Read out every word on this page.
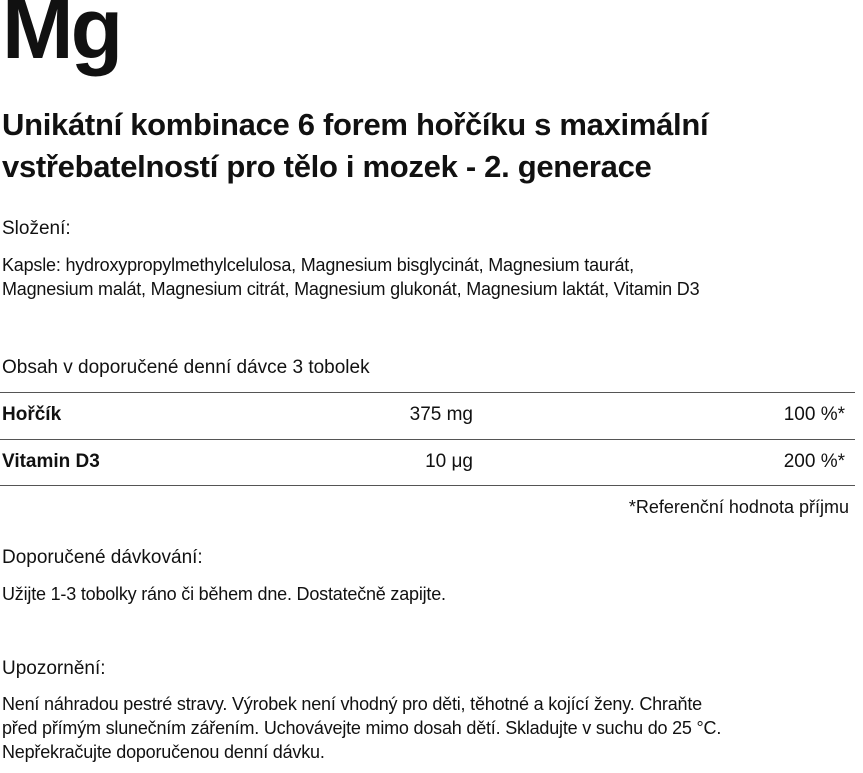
Mg
Unikátní kombinace 6 forem hořčíku s maximální
vstřebatelností pro tělo i mozek - 2. generace
Složení:
Kapsle: hydroxypropylmethylcelulosa, Magnesium bisglycinát, Magnesium taurát,
Magnesium malát, Magnesium citrát, Magnesium glukonát, Magnesium laktát, Vitamin D3
Obsah v doporučené denní dávce 3 tobolek
Hořčík	375 mg	100 %*
Vitamin D3	10 μg	200 %*
*Referenční hodnota příjmu
Doporučené dávkování:
Užijte 1-3 tobolky ráno či během dne. Dostatečně zapijte.
Upozornění:
Není náhradou pestré stravy. Výrobek není vhodný pro děti, těhotné a kojící ženy. Chraňte
před přímým slunečním zářením. Uchovávejte mimo dosah dětí. Skladujte v suchu do 25 °C.
Nepřekračujte doporučenou denní dávku.
